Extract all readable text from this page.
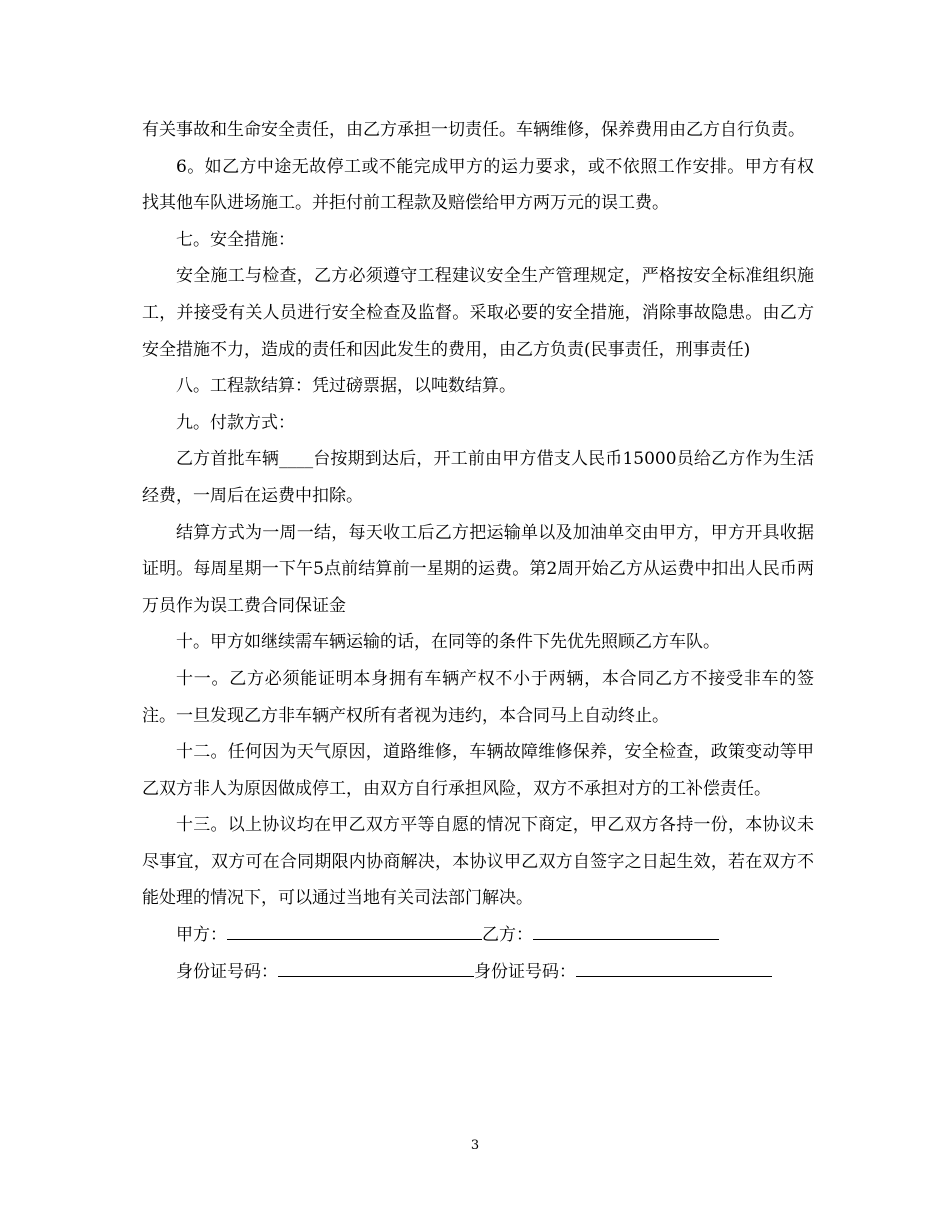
有关事故和生命安全责任，由乙方承担一切责任。车辆维修，保养费用由乙方自行负责。

6。如乙方中途无故停工或不能完成甲方的运力要求，或不依照工作安排。甲方有权找其他车队进场施工。并拒付前工程款及赔偿给甲方两万元的误工费。

七。安全措施：

安全施工与检查，乙方必须遵守工程建议安全生产管理规定，严格按安全标准组织施工，并接受有关人员进行安全检查及监督。采取必要的安全措施，消除事故隐患。由乙方安全措施不力，造成的责任和因此发生的费用，由乙方负责(民事责任，刑事责任)

八。工程款结算：凭过磅票据，以吨数结算。

九。付款方式：

乙方首批车辆____台按期到达后，开工前由甲方借支人民币15000员给乙方作为生活经费，一周后在运费中扣除。

结算方式为一周一结，每天收工后乙方把运输单以及加油单交由甲方，甲方开具收据证明。每周星期一下午5点前结算前一星期的运费。第2周开始乙方从运费中扣出人民币两万员作为误工费合同保证金

十。甲方如继续需车辆运输的话，在同等的条件下先优先照顾乙方车队。

十一。乙方必须能证明本身拥有车辆产权不小于两辆，本合同乙方不接受非车的签注。一旦发现乙方非车辆产权所有者视为违约，本合同马上自动终止。

十二。任何因为天气原因，道路维修，车辆故障维修保养，安全检查，政策变动等甲乙双方非人为原因做成停工，由双方自行承担风险，双方不承担对方的工补偿责任。

十三。以上协议均在甲乙双方平等自愿的情况下商定，甲乙双方各持一份，本协议未尽事宜，双方可在合同期限内协商解决，本协议甲乙双方自签字之日起生效，若在双方不能处理的情况下，可以通过当地有关司法部门解决。

甲方：	乙方：
身份证号码：	身份证号码：
3
